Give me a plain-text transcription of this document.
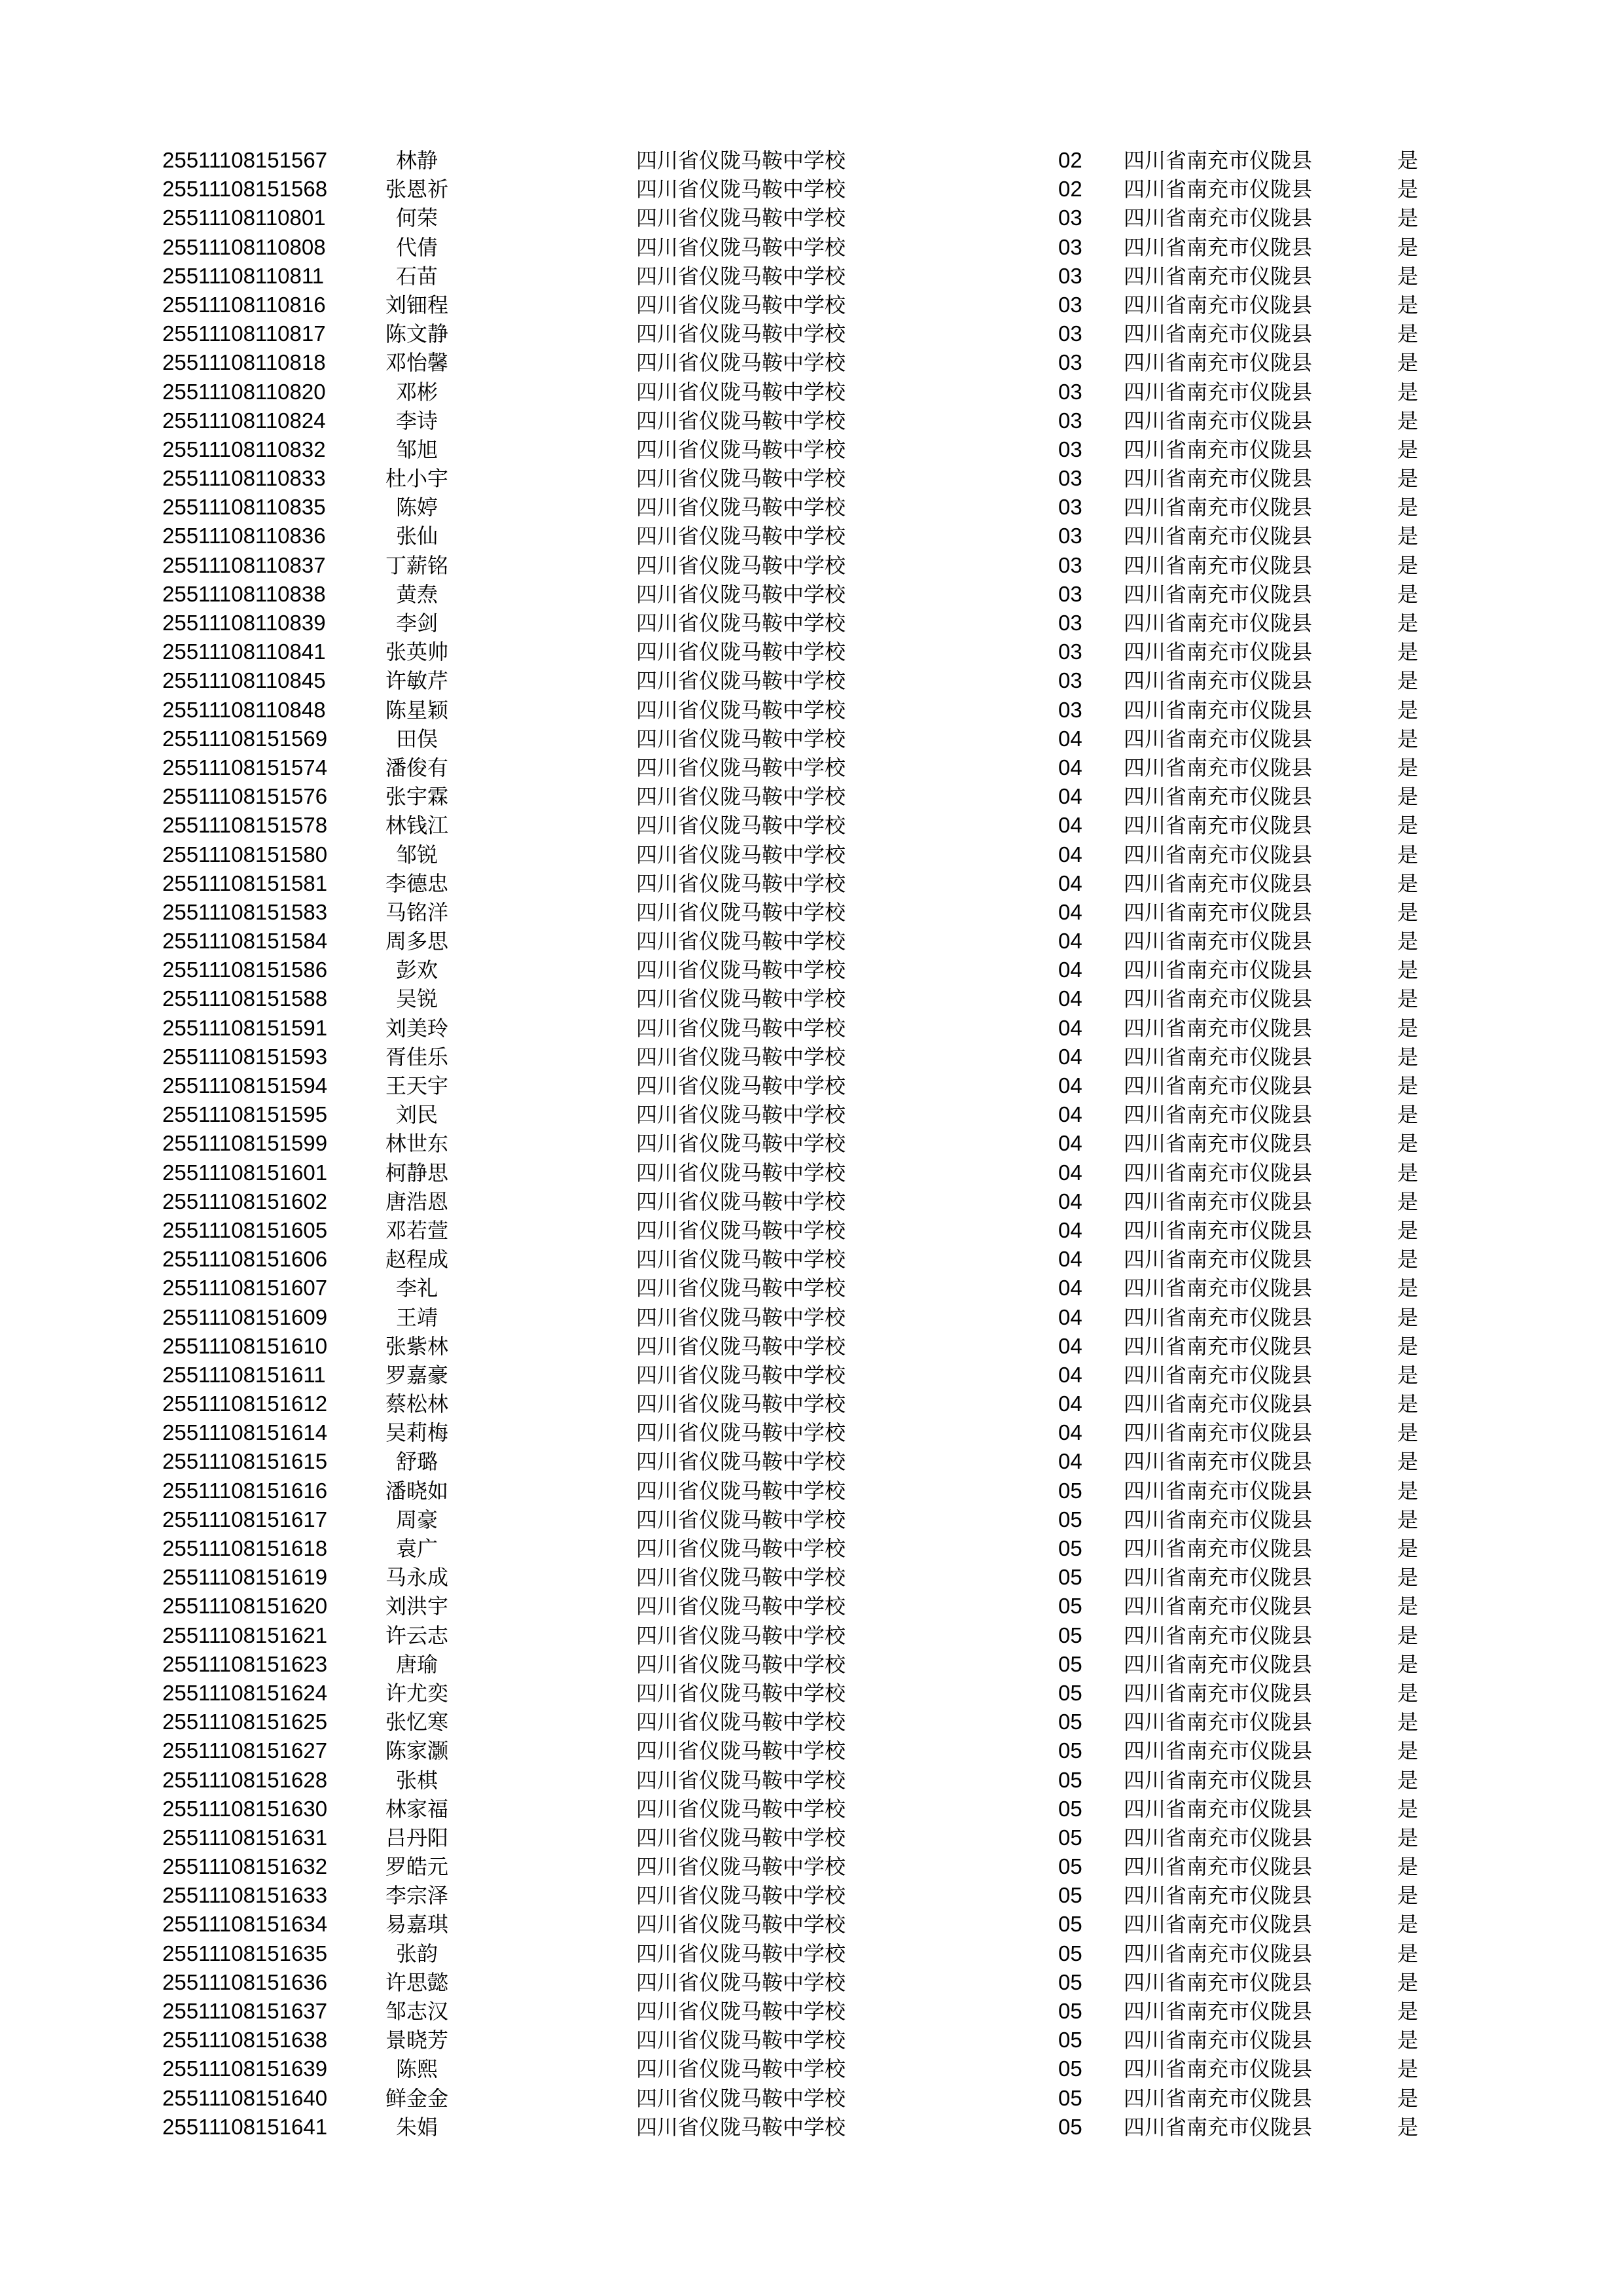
25511108151567	林静	四川省仪陇马鞍中学校	02 四川省南充市仪陇县	是
25511108151568	张恩祈	四川省仪陇马鞍中学校	02 四川省南充市仪陇县	是
25511108110801	何荣	四川省仪陇马鞍中学校	03 四川省南充市仪陇县	是
25511108110808	代倩	四川省仪陇马鞍中学校	03 四川省南充市仪陇县	是
25511108110811	石苗	四川省仪陇马鞍中学校	03 四川省南充市仪陇县	是
25511108110816	刘钿程	四川省仪陇马鞍中学校	03 四川省南充市仪陇县	是
25511108110817	陈文静	四川省仪陇马鞍中学校	03 四川省南充市仪陇县	是
25511108110818	邓怡馨	四川省仪陇马鞍中学校	03 四川省南充市仪陇县	是
25511108110820	邓彬	四川省仪陇马鞍中学校	03 四川省南充市仪陇县	是
25511108110824	李诗	四川省仪陇马鞍中学校	03 四川省南充市仪陇县	是
25511108110832	邹旭	四川省仪陇马鞍中学校	03 四川省南充市仪陇县	是
25511108110833	杜小宇	四川省仪陇马鞍中学校	03 四川省南充市仪陇县	是
25511108110835	陈婷	四川省仪陇马鞍中学校	03 四川省南充市仪陇县	是
25511108110836	张仙	四川省仪陇马鞍中学校	03 四川省南充市仪陇县	是
25511108110837	丁薪铭	四川省仪陇马鞍中学校	03 四川省南充市仪陇县	是
25511108110838	黄焘	四川省仪陇马鞍中学校	03 四川省南充市仪陇县	是
25511108110839	李剑	四川省仪陇马鞍中学校	03 四川省南充市仪陇县	是
25511108110841	张英帅	四川省仪陇马鞍中学校	03 四川省南充市仪陇县	是
25511108110845	许敏芹	四川省仪陇马鞍中学校	03 四川省南充市仪陇县	是
25511108110848	陈星颖	四川省仪陇马鞍中学校	03 四川省南充市仪陇县	是
25511108151569	田俣	四川省仪陇马鞍中学校	04 四川省南充市仪陇县	是
25511108151574	潘俊有	四川省仪陇马鞍中学校	04 四川省南充市仪陇县	是
25511108151576	张宇霖	四川省仪陇马鞍中学校	04 四川省南充市仪陇县	是
25511108151578	林钱江	四川省仪陇马鞍中学校	04 四川省南充市仪陇县	是
25511108151580	邹锐	四川省仪陇马鞍中学校	04 四川省南充市仪陇县	是
25511108151581	李德忠	四川省仪陇马鞍中学校	04 四川省南充市仪陇县	是
25511108151583	马铭洋	四川省仪陇马鞍中学校	04 四川省南充市仪陇县	是
25511108151584	周多思	四川省仪陇马鞍中学校	04 四川省南充市仪陇县	是
25511108151586	彭欢	四川省仪陇马鞍中学校	04 四川省南充市仪陇县	是
25511108151588	吴锐	四川省仪陇马鞍中学校	04 四川省南充市仪陇县	是
25511108151591	刘美玲	四川省仪陇马鞍中学校	04 四川省南充市仪陇县	是
25511108151593	胥佳乐	四川省仪陇马鞍中学校	04 四川省南充市仪陇县	是
25511108151594	王天宇	四川省仪陇马鞍中学校	04 四川省南充市仪陇县	是
25511108151595	刘民	四川省仪陇马鞍中学校	04 四川省南充市仪陇县	是
25511108151599	林世东	四川省仪陇马鞍中学校	04 四川省南充市仪陇县	是
25511108151601	柯静思	四川省仪陇马鞍中学校	04 四川省南充市仪陇县	是
25511108151602	唐浩恩	四川省仪陇马鞍中学校	04 四川省南充市仪陇县	是
25511108151605	邓若萱	四川省仪陇马鞍中学校	04 四川省南充市仪陇县	是
25511108151606	赵程成	四川省仪陇马鞍中学校	04 四川省南充市仪陇县	是
25511108151607	李礼	四川省仪陇马鞍中学校	04 四川省南充市仪陇县	是
25511108151609	王靖	四川省仪陇马鞍中学校	04 四川省南充市仪陇县	是
25511108151610	张紫林	四川省仪陇马鞍中学校	04 四川省南充市仪陇县	是
25511108151611	罗嘉豪	四川省仪陇马鞍中学校	04 四川省南充市仪陇县	是
25511108151612	蔡松林	四川省仪陇马鞍中学校	04 四川省南充市仪陇县	是
25511108151614	吴莉梅	四川省仪陇马鞍中学校	04 四川省南充市仪陇县	是
25511108151615	舒璐	四川省仪陇马鞍中学校	04 四川省南充市仪陇县	是
25511108151616	潘晓如	四川省仪陇马鞍中学校	05 四川省南充市仪陇县	是
25511108151617	周豪	四川省仪陇马鞍中学校	05 四川省南充市仪陇县	是
25511108151618	袁广	四川省仪陇马鞍中学校	05 四川省南充市仪陇县	是
25511108151619	马永成	四川省仪陇马鞍中学校	05 四川省南充市仪陇县	是
25511108151620	刘洪宇	四川省仪陇马鞍中学校	05 四川省南充市仪陇县	是
25511108151621	许云志	四川省仪陇马鞍中学校	05 四川省南充市仪陇县	是
25511108151623	唐瑜	四川省仪陇马鞍中学校	05 四川省南充市仪陇县	是
25511108151624	许尤奕	四川省仪陇马鞍中学校	05 四川省南充市仪陇县	是
25511108151625	张忆寒	四川省仪陇马鞍中学校	05 四川省南充市仪陇县	是
25511108151627	陈家灏	四川省仪陇马鞍中学校	05 四川省南充市仪陇县	是
25511108151628	张棋	四川省仪陇马鞍中学校	05 四川省南充市仪陇县	是
25511108151630	林家福	四川省仪陇马鞍中学校	05 四川省南充市仪陇县	是
25511108151631	吕丹阳	四川省仪陇马鞍中学校	05 四川省南充市仪陇县	是
25511108151632	罗皓元	四川省仪陇马鞍中学校	05 四川省南充市仪陇县	是
25511108151633	李宗泽	四川省仪陇马鞍中学校	05 四川省南充市仪陇县	是
25511108151634	易嘉琪	四川省仪陇马鞍中学校	05 四川省南充市仪陇县	是
25511108151635	张韵	四川省仪陇马鞍中学校	05 四川省南充市仪陇县	是
25511108151636	许思懿	四川省仪陇马鞍中学校	05 四川省南充市仪陇县	是
25511108151637	邹志汉	四川省仪陇马鞍中学校	05 四川省南充市仪陇县	是
25511108151638	景晓芳	四川省仪陇马鞍中学校	05 四川省南充市仪陇县	是
25511108151639	陈熙	四川省仪陇马鞍中学校	05 四川省南充市仪陇县	是
25511108151640	鲜金金	四川省仪陇马鞍中学校	05 四川省南充市仪陇县	是
25511108151641	朱娟	四川省仪陇马鞍中学校	05 四川省南充市仪陇县	是
